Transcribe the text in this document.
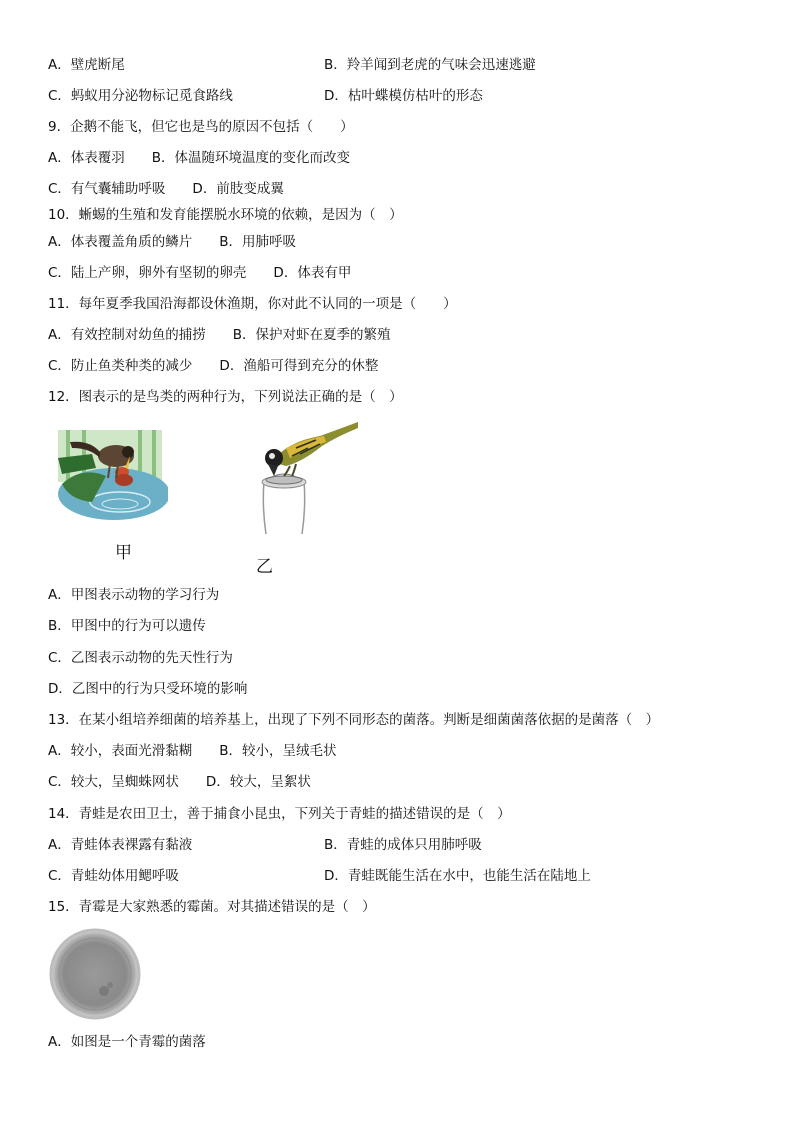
A．壁虎断尾	B．羚羊闻到老虎的气味会迅速逃避
C．蚂蚁用分泌物标记觅食路线	D．枯叶蝶模仿枯叶的形态
9．企鹅不能飞，但它也是鸟的原因不包括（　　）
A．体表覆羽　　B．体温随环境温度的变化而改变
C．有气囊辅助呼吸　　D．前肢变成翼
10．蜥蜴的生殖和发育能摆脱水环境的依赖，是因为（　）
A．体表覆盖角质的鳞片　　B．用肺呼吸
C．陆上产卵，卵外有坚韧的卵壳　　D．体表有甲
11．每年夏季我国沿海都设休渔期，你对此不认同的一项是（　　）
A．有效控制对幼鱼的捕捞　　B．保护对虾在夏季的繁殖
C．防止鱼类种类的减少　　D．渔船可得到充分的休整
12．图表示的是鸟类的两种行为，下列说法正确的是（　）
甲
乙
A．甲图表示动物的学习行为
B．甲图中的行为可以遗传
C．乙图表示动物的先天性行为
D．乙图中的行为只受环境的影响
13．在某小组培养细菌的培养基上，出现了下列不同形态的菌落。判断是细菌菌落依据的是菌落（　）
A．较小，表面光滑黏糊　　B．较小，呈绒毛状
C．较大，呈蜘蛛网状　　D．较大，呈絮状
14．青蛙是农田卫士，善于捕食小昆虫，下列关于青蛙的描述错误的是（　）
A．青蛙体表裸露有黏液	B．青蛙的成体只用肺呼吸
C．青蛙幼体用鳃呼吸	D．青蛙既能生活在水中，也能生活在陆地上
15．青霉是大家熟悉的霉菌。对其描述错误的是（　）
A．如图是一个青霉的菌落
